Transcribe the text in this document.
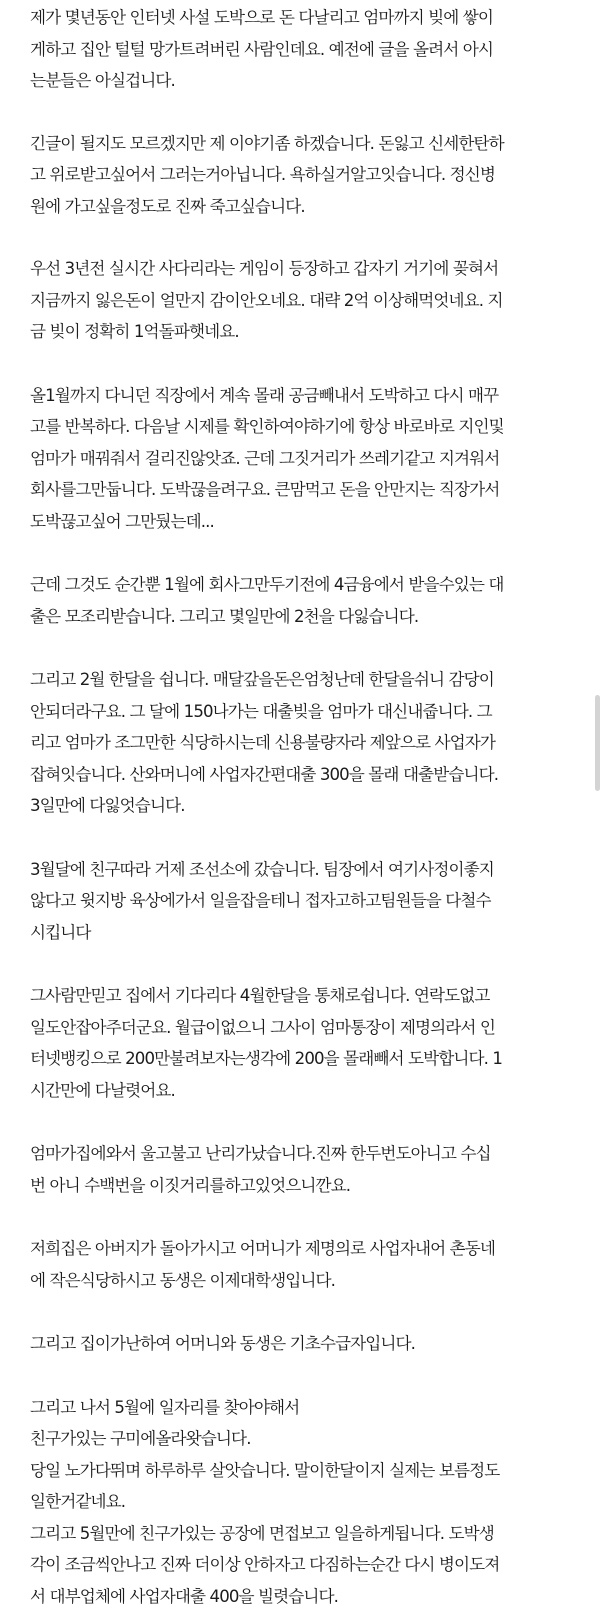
제가 몇년동안 인터넷 사설 도박으로 돈 다날리고 엄마까지 빚에 쌓이
게하고 집안 털털 망가트려버린 사람인데요. 예전에 글을 올려서 아시
는분들은 아실겁니다.

긴글이 될지도 모르겠지만 제 이야기좀 하겠습니다. 돈잃고 신세한탄하
고 위로받고싶어서 그러는거아닙니다. 욕하실거알고잇습니다. 정신병
원에 가고싶을정도로 진짜 죽고싶습니다.

우선 3년전 실시간 사다리라는 게임이 등장하고 갑자기 거기에 꽂혀서
지금까지 잃은돈이 얼만지 감이안오네요. 대략 2억 이상해먹엇네요. 지
금 빚이 정확히 1억돌파햇네요.

올1월까지 다니던 직장에서 계속 몰래 공금빼내서 도박하고 다시 매꾸
고를 반복하다. 다음날 시제를 확인하여야하기에 항상 바로바로 지인및
엄마가 매꿔줘서 걸리진않앗죠. 근데 그짓거리가 쓰레기같고 지겨워서
회사를그만둡니다. 도박끊을려구요. 큰맘먹고 돈을 안만지는 직장가서
도박끊고싶어 그만뒀는데...

근데 그것도 순간뿐 1월에 회사그만두기전에 4금융에서 받을수있는 대
출은 모조리받습니다. 그리고 몇일만에 2천을 다잃습니다.

그리고 2월 한달을 쉽니다. 매달갚을돈은엄청난데 한달을쉬니 감당이
안되더라구요. 그 달에 150나가는 대출빚을 엄마가 대신내줍니다. 그
리고 엄마가 조그만한 식당하시는데 신용불량자라 제앞으로 사업자가
잡혀잇습니다. 산와머니에 사업자간편대출 300을 몰래 대출받습니다.
3일만에 다잃엇습니다.

3월달에 친구따라 거제 조선소에 갔습니다. 팀장에서 여기사정이좋지
않다고 윗지방 육상에가서 일을잡을테니 접자고하고팀원들을 다철수
시킵니다

그사람만믿고 집에서 기다리다 4월한달을 통채로쉽니다. 연락도없고
일도안잡아주더군요. 월급이없으니 그사이 엄마통장이 제명의라서 인
터넷뱅킹으로 200만불려보자는생각에 200을 몰래빼서 도박합니다. 1
시간만에 다날렷어요.

엄마가집에와서 울고불고 난리가났습니다.진짜 한두번도아니고 수십
번 아니 수백번을 이짓거리를하고있엇으니깐요.

저희집은 아버지가 돌아가시고 어머니가 제명의로 사업자내어 촌동네
에 작은식당하시고 동생은 이제대학생입니다.

그리고 집이가난하여 어머니와 동생은 기초수급자입니다.

그리고 나서 5월에 일자리를 찾아야해서
친구가있는 구미에올라왓습니다.
당일 노가다뛰며 하루하루 살앗습니다. 말이한달이지 실제는 보름정도
일한거같네요.
그리고 5월만에 친구가있는 공장에 면접보고 일을하게됩니다. 도박생
각이 조금씩안나고 진짜 더이상 안하자고 다짐하는순간 다시 병이도져
서 대부업체에 사업자대출 400을 빌렷습니다.
